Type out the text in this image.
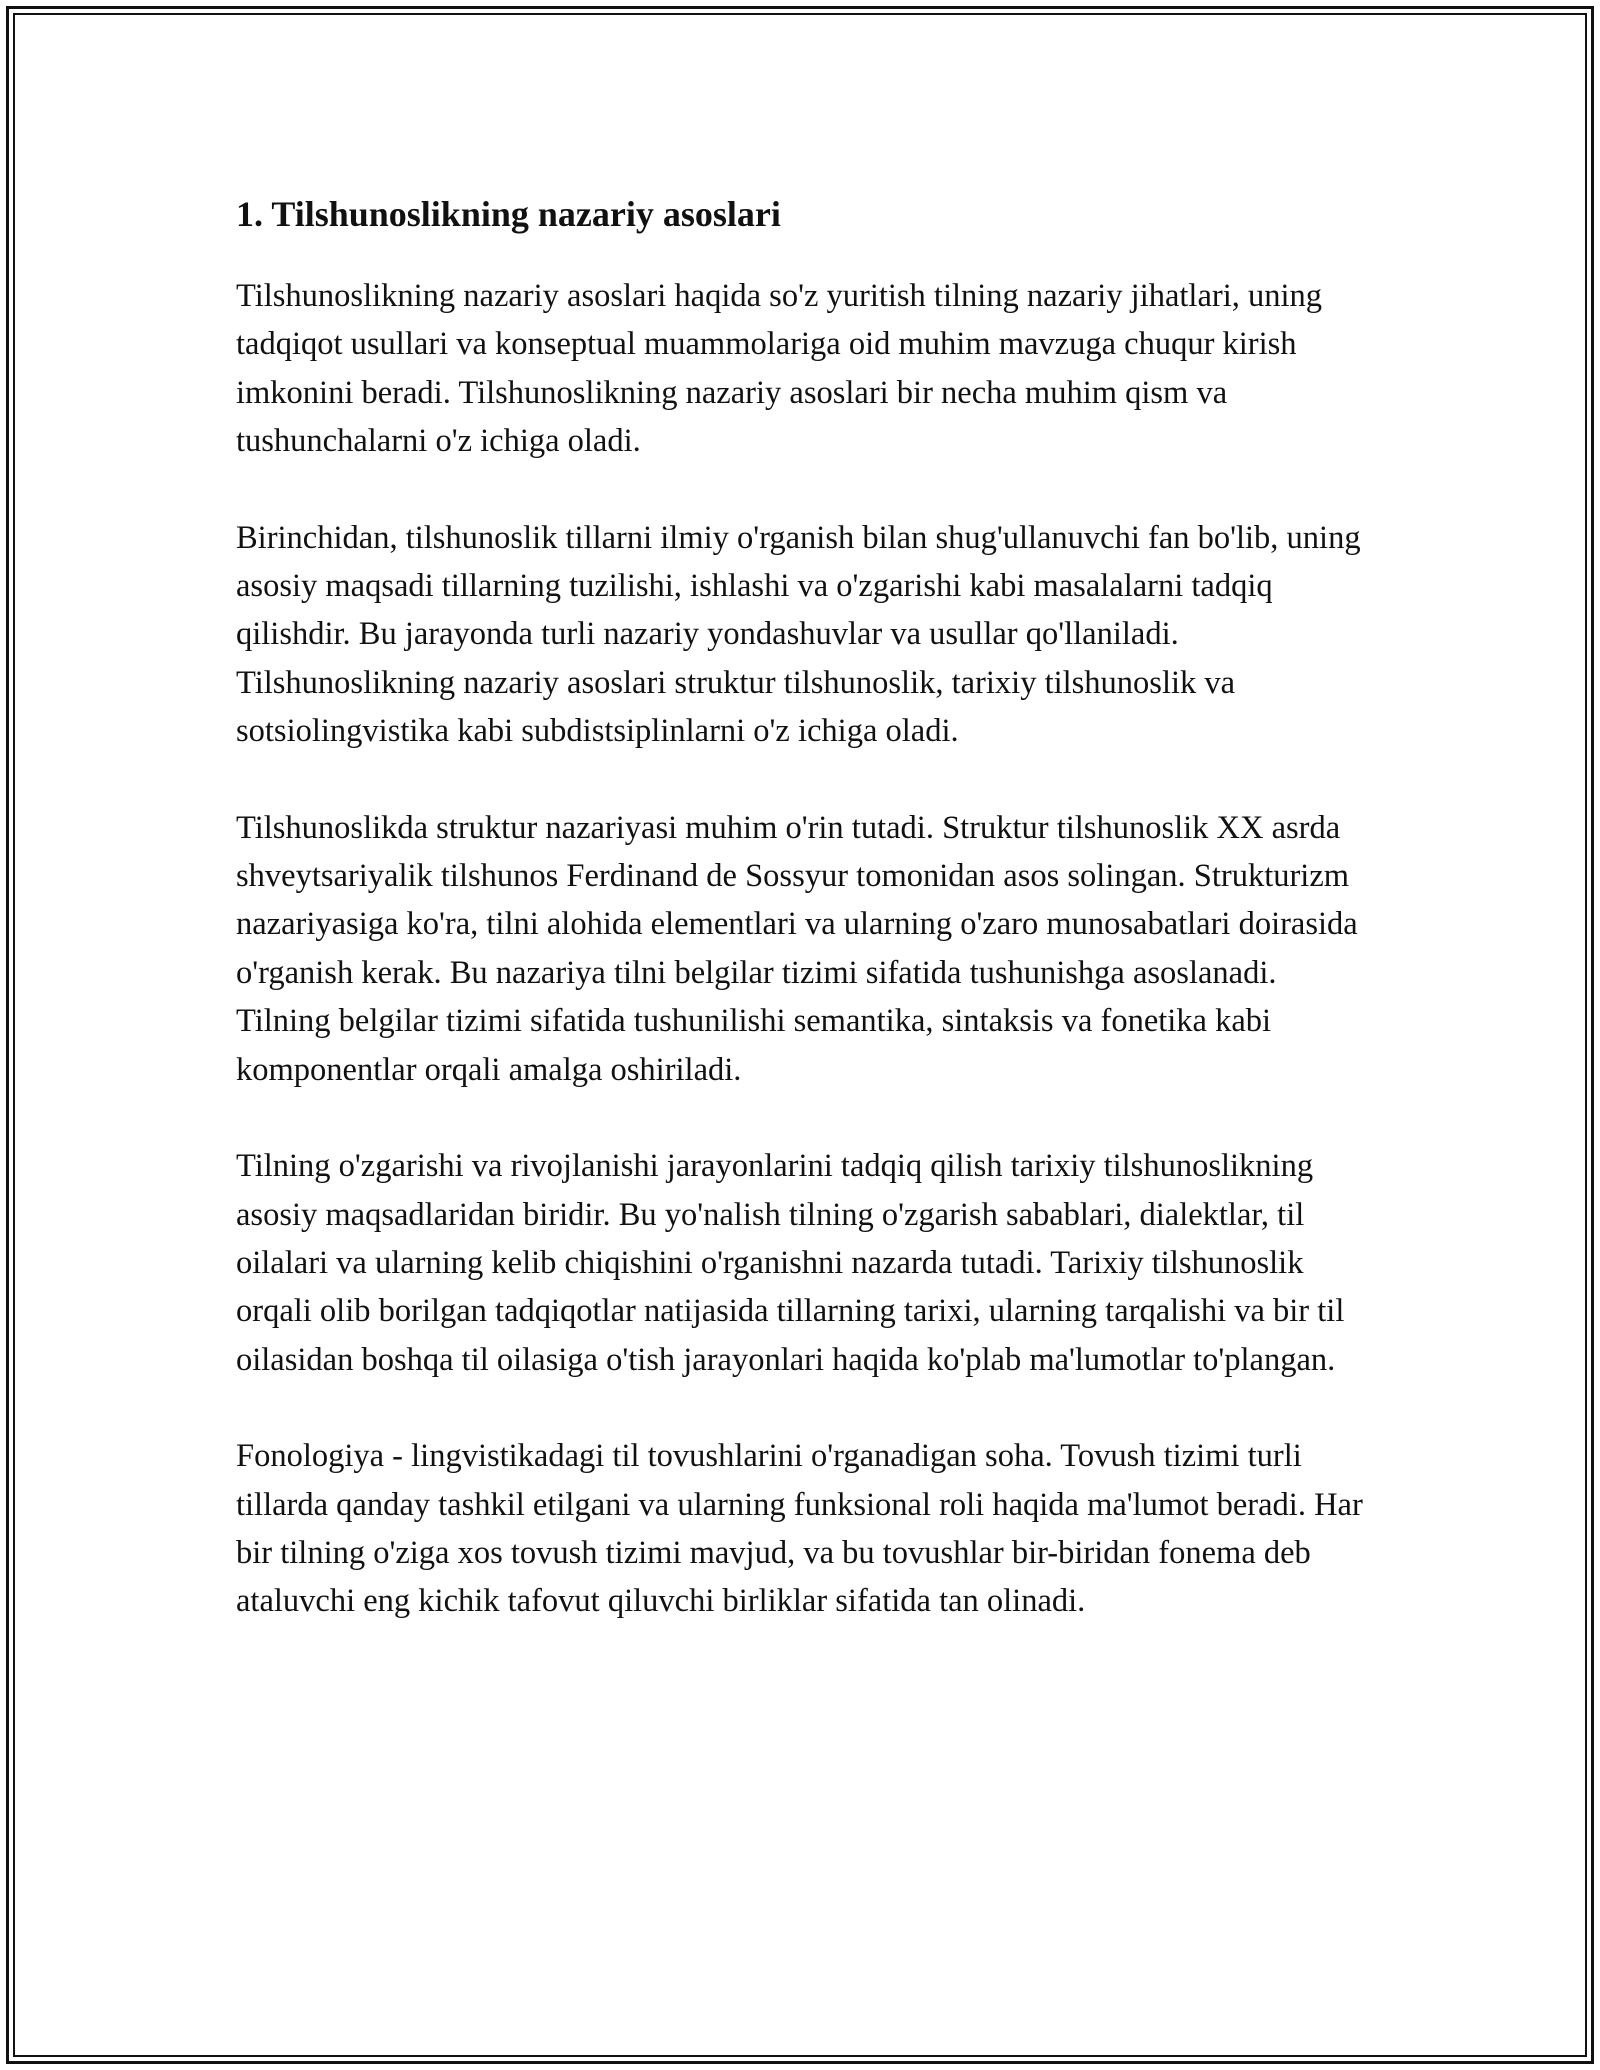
1. Tilshunoslikning nazariy asoslari

Tilshunoslikning nazariy asoslari haqida so'z yuritish tilning nazariy jihatlari, uning tadqiqot usullari va konseptual muammolariga oid muhim mavzuga chuqur kirish imkonini beradi. Tilshunoslikning nazariy asoslari bir necha muhim qism va tushunchalarni o'z ichiga oladi.

Birinchidan, tilshunoslik tillarni ilmiy o'rganish bilan shug'ullanuvchi fan bo'lib, uning asosiy maqsadi tillarning tuzilishi, ishlashi va o'zgarishi kabi masalalarni tadqiq qilishdir. Bu jarayonda turli nazariy yondashuvlar va usullar qo'llaniladi. Tilshunoslikning nazariy asoslari struktur tilshunoslik, tarixiy tilshunoslik va sotsiolingvistika kabi subdistsiplinlarni o'z ichiga oladi.

Tilshunoslikda struktur nazariyasi muhim o'rin tutadi. Struktur tilshunoslik XX asrda shveytsariyalik tilshunos Ferdinand de Sossyur tomonidan asos solingan. Strukturizm nazariyasiga ko'ra, tilni alohida elementlari va ularning o'zaro munosabatlari doirasida o'rganish kerak. Bu nazariya tilni belgilar tizimi sifatida tushunishga asoslanadi. Tilning belgilar tizimi sifatida tushunilishi semantika, sintaksis va fonetika kabi komponentlar orqali amalga oshiriladi.

Tilning o'zgarishi va rivojlanishi jarayonlarini tadqiq qilish tarixiy tilshunoslikning asosiy maqsadlaridan biridir. Bu yo'nalish tilning o'zgarish sabablari, dialektlar, til oilalari va ularning kelib chiqishini o'rganishni nazarda tutadi. Tarixiy tilshunoslik orqali olib borilgan tadqiqotlar natijasida tillarning tarixi, ularning tarqalishi va bir til oilasidan boshqa til oilasiga o'tish jarayonlari haqida ko'plab ma'lumotlar to'plangan.

Fonologiya - lingvistikadagi til tovushlarini o'rganadigan soha. Tovush tizimi turli tillarda qanday tashkil etilgani va ularning funksional roli haqida ma'lumot beradi. Har bir tilning o'ziga xos tovush tizimi mavjud, va bu tovushlar bir-biridan fonema deb ataluvchi eng kichik tafovut qiluvchi birliklar sifatida tan olinadi.
